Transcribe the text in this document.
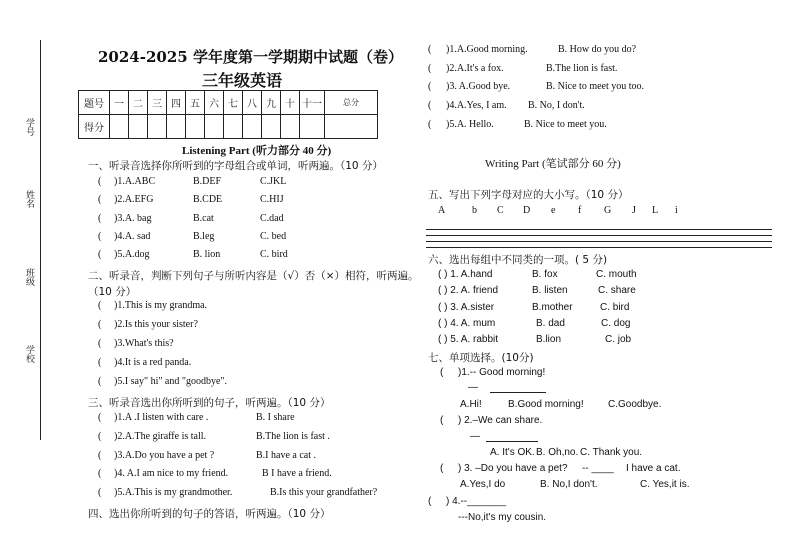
学号
姓名
班级
学校
2024-2025 学年度第一学期期中试题（卷）
三年级英语
题号	一	二	三	四	五	六	七	八	九	十	十一	总分
得分												
Listening Part (听力部分 40 分)
一、听录音选择你所听到的字母组合或单词，听两遍。（10 分）
( )1.A.ABC	B.DEF	C.JKL
( )2.A.EFG	B.CDE	C.HIJ
( )3.A. bag	B.cat	C.dad
( )4.A. sad	B.leg	C. bed
( )5.A.dog	B. lion	C. bird
二、听录音，判断下列句子与所听内容是（√）否（×）相符，听两遍。
（10 分）
( )1.This is my grandma.
( )2.Is this your sister?
( )3.What's this?
( )4.It is a red panda.
( )5.I say" hi" and "goodbye".
三、听录音选出你所听到的句子，听两遍。（10 分）
( )1.A .I listen with care .	B. I share
( )2.A.The giraffe is tall.	B.The lion is fast .
( )3.A.Do you have a pet ?	B.I have a cat .
( )4. A.I am nice to my friend.	B I have a friend.
( )5.A.This is my grandmother.	B.Is this your grandfather?
四、选出你所听到的句子的答语，听两遍。（10 分）
( )1.A.Good morning.	B. How do you do?
( )2.A.It's a fox.	B.The lion is fast.
( )3. A.Good bye.	B. Nice to meet you too.
( )4.A.Yes, I am. B. No, I don't.
( )5.A. Hello.	B. Nice to meet you.
Writing Part (笔试部分 60 分)
五、写出下列字母对应的大小写。（10 分）
A	b C D e f G J L i
六、选出每组中不同类的一项。( 5 分)
( ) 1. A.hand	B. fox	C. mouth
( ) 2. A. friend	B. listen	C. share
( ) 3. A.sister	B.mother	C. bird
( ) 4. A. mum	B. dad	C. dog
( ) 5. A. rabbit	B.lion	C. job
七、单项选择。(10分)
( )1.-- Good morning!
—
A.Hi!	B.Good morning! C.Goodbye.
( ) 2.–We can share.
—
A. It's OK. B. Oh,no. C. Thank you.
( ) 3. –Do you have a pet? -- ____ I have a cat.
A.Yes,I do	B. No,I don't.	C. Yes,it is.
( ) 4.--_______
---No,it's my cousin.
